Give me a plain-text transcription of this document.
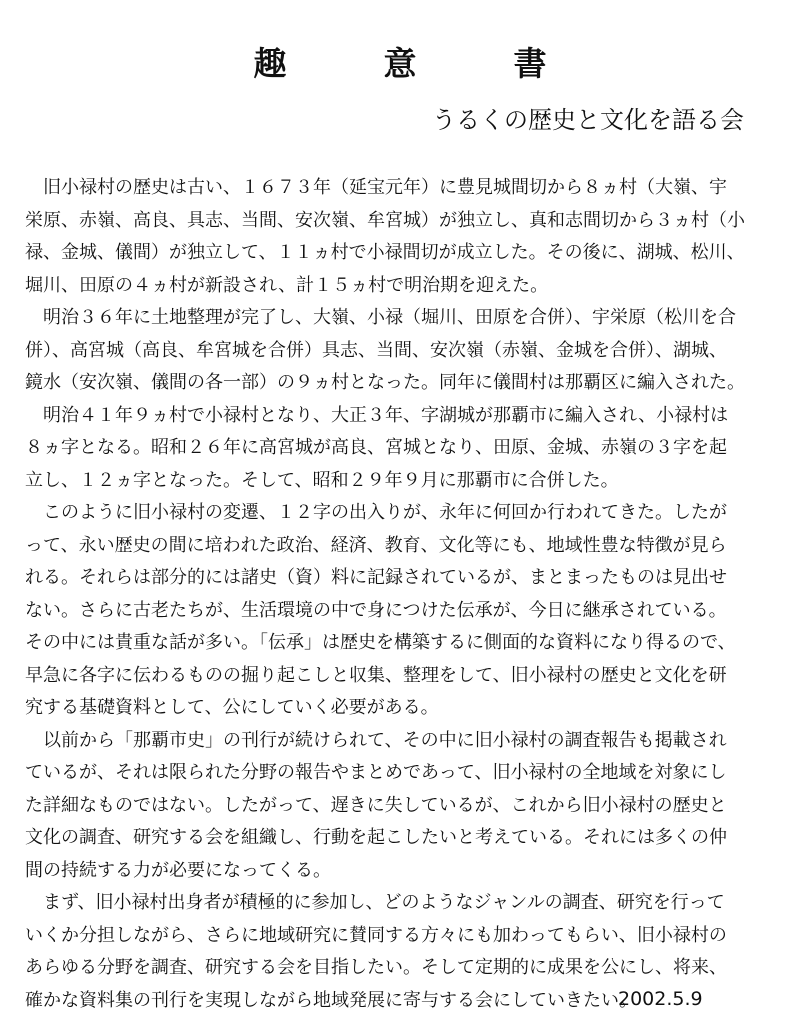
趣	意	書

うるくの歴史と文化を語る会

　旧小禄村の歴史は古い、１６７３年（延宝元年）に豊見城間切から８ヵ村（大嶺、宇
栄原、赤嶺、高良、具志、当間、安次嶺、牟宮城）が独立し、真和志間切から３ヵ村（小
禄、金城、儀間）が独立して、１１ヵ村で小禄間切が成立した。その後に、湖城、松川、
堀川、田原の４ヵ村が新設され、計１５ヵ村で明治期を迎えた。

　明治３６年に土地整理が完了し、大嶺、小禄（堀川、田原を合併）、宇栄原（松川を合
併）、高宮城（高良、牟宮城を合併）具志、当間、安次嶺（赤嶺、金城を合併）、湖城、
鏡水（安次嶺、儀間の各一部）の９ヵ村となった。同年に儀間村は那覇区に編入された。

　明治４１年９ヵ村で小禄村となり、大正３年、字湖城が那覇市に編入され、小禄村は
８ヵ字となる。昭和２６年に高宮城が高良、宮城となり、田原、金城、赤嶺の３字を起
立し、１２ヵ字となった。そして、昭和２９年９月に那覇市に合併した。

　このように旧小禄村の変遷、１２字の出入りが、永年に何回か行われてきた。したが
って、永い歴史の間に培われた政治、経済、教育、文化等にも、地域性豊な特徴が見ら
れる。それらは部分的には諸史（資）料に記録されているが、まとまったものは見出せ
ない。さらに古老たちが、生活環境の中で身につけた伝承が、今日に継承されている。
その中には貴重な話が多い。「伝承」は歴史を構築するに側面的な資料になり得るので、
早急に各字に伝わるものの掘り起こしと収集、整理をして、旧小禄村の歴史と文化を研
究する基礎資料として、公にしていく必要がある。

　以前から「那覇市史」の刊行が続けられて、その中に旧小禄村の調査報告も掲載され
ているが、それは限られた分野の報告やまとめであって、旧小禄村の全地域を対象にし
た詳細なものではない。したがって、遅きに失しているが、これから旧小禄村の歴史と
文化の調査、研究する会を組織し、行動を起こしたいと考えている。それには多くの仲
間の持続する力が必要になってくる。

　まず、旧小禄村出身者が積極的に参加し、どのようなジャンルの調査、研究を行って
いくか分担しながら、さらに地域研究に賛同する方々にも加わってもらい、旧小禄村の
あらゆる分野を調査、研究する会を目指したい。そして定期的に成果を公にし、将来、
確かな資料集の刊行を実現しながら地域発展に寄与する会にしていきたい。

2002.5.9
